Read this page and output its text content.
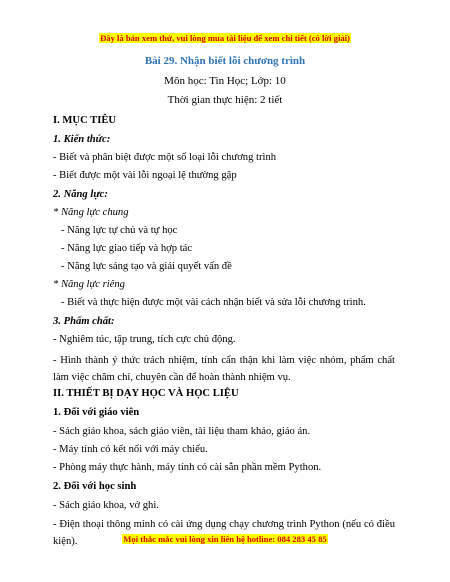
Đây là bản xem thử, vui lòng mua tài liệu để xem chi tiết (có lời giải)
Bài 29. Nhận biết lỗi chương trình
Môn học: Tin Học; Lớp: 10
Thời gian thực hiện: 2 tiết
I. MỤC TIÊU
1. Kiến thức:
- Biết và phân biệt được một số loại lỗi chương trình
- Biết được một vài lỗi ngoại lệ thường gặp
2. Năng lực:
* Năng lực chung
- Năng lực tự chủ và tự học
- Năng lực giao tiếp và hợp tác
- Năng lực sáng tạo và giải quyết vấn đề
* Năng lực riêng
- Biết và thực hiện được một vài cách nhận biết và sửa lỗi chương trình.
3. Phẩm chất:
- Nghiêm túc, tập trung, tích cực chủ động.
- Hình thành ý thức trách nhiệm, tính cẩn thận khi làm việc nhóm, phẩm chất làm việc chăm chỉ, chuyên cần để hoàn thành nhiệm vụ.
II. THIẾT BỊ DẠY HỌC VÀ HỌC LIỆU
1. Đối với giáo viên
- Sách giáo khoa, sách giáo viên, tài liệu tham khảo, giáo án.
- Máy tính có kết nối với máy chiếu.
- Phòng máy thực hành, máy tính có cài sẵn phần mềm Python.
2. Đối với học sinh
- Sách giáo khoa, vở ghi.
- Điện thoại thông minh có cài ứng dụng chạy chương trình Python (nếu có điều kiện).	Mọi thắc mắc vui lòng xin liên hệ hotline: 084 283 45 85
